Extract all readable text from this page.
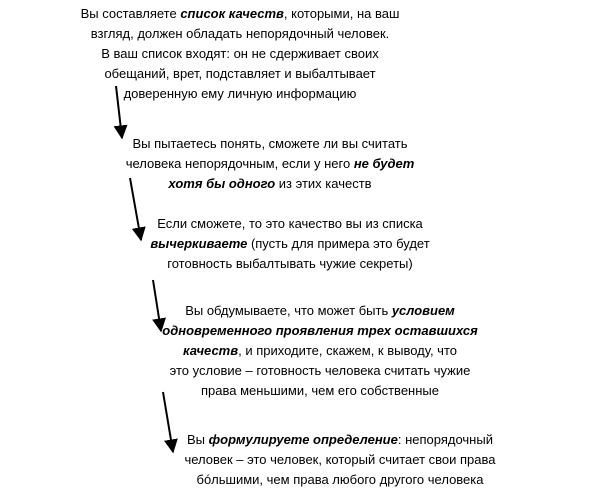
Вы составляете список качеств, которыми, на ваш
взгляд, должен обладать непорядочный человек.
В ваш список входят: он не сдерживает своих
обещаний, врет, подставляет и выбалтывает
доверенную ему личную информацию
Вы пытаетесь понять, сможете ли вы считать
человека непорядочным, если у него не будет
хотя бы одного из этих качеств
Если сможете, то это качество вы из списка
вычеркиваете (пусть для примера это будет
готовность выбалтывать чужие секреты)
Вы обдумываете, что может быть условием
одновременного проявления трех оставшихся
качеств, и приходите, скажем, к выводу, что
это условие – готовность человека считать чужие
права меньшими, чем его собственные
Вы формулируете определение: непорядочный
человек – это человек, который считает свои права
бóльшими, чем права любого другого человека
